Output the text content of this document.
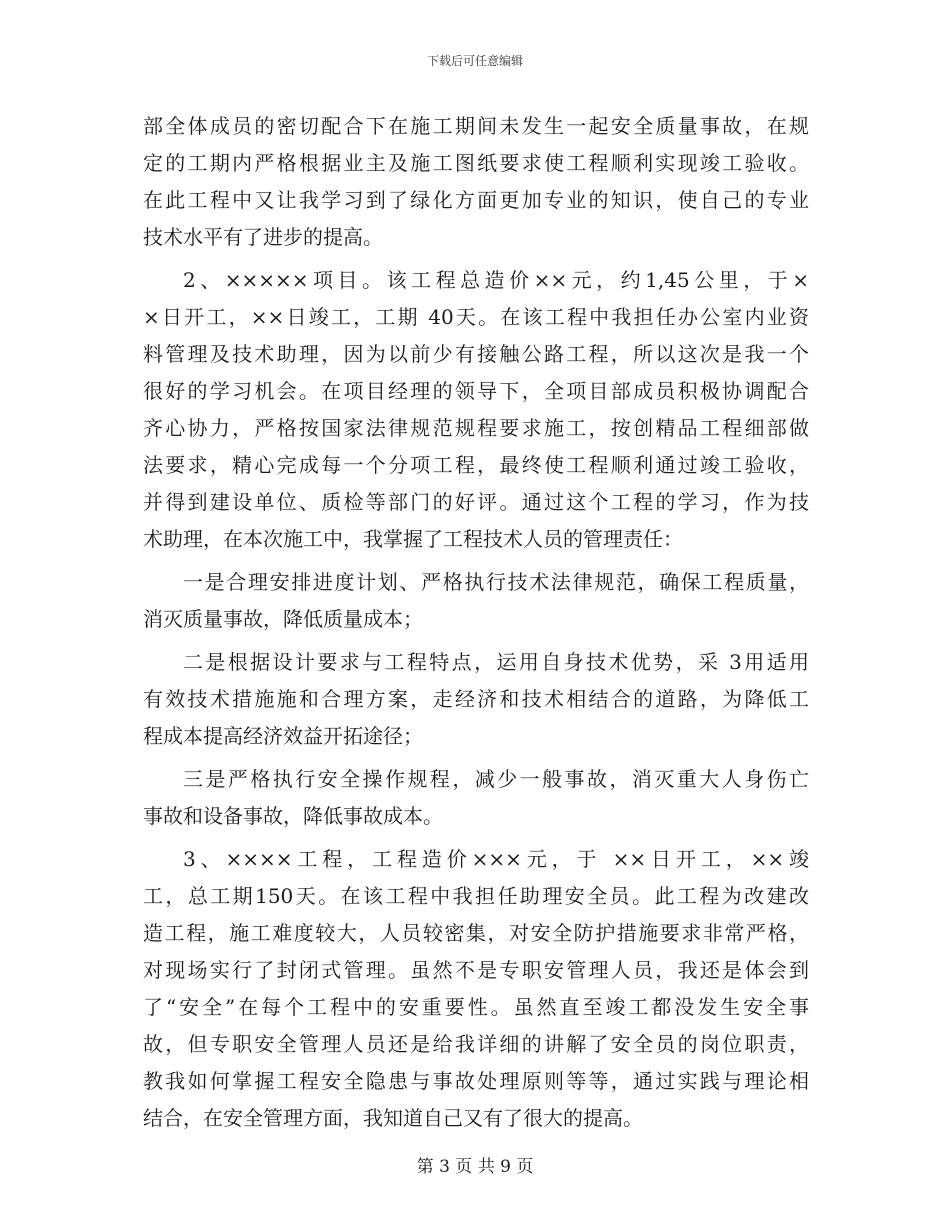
下载后可任意编辑
部全体成员的密切配合下在施工期间未发生一起安全质量事故，在规
定的工期内严格根据业主及施工图纸要求使工程顺利实现竣工验收。
在此工程中又让我学习到了绿化方面更加专业的知识，使自己的专业
技术水平有了进步的提高。
2、×××××项目。该工程总造价××元，约1,45公里，于×
×日开工，××日竣工，工期 40天。在该工程中我担任办公室内业资
料管理及技术助理，因为以前少有接触公路工程，所以这次是我一个
很好的学习机会。在项目经理的领导下，全项目部成员积极协调配合
齐心协力，严格按国家法律规范规程要求施工，按创精品工程细部做
法要求，精心完成每一个分项工程，最终使工程顺利通过竣工验收，
并得到建设单位、质检等部门的好评。通过这个工程的学习，作为技
术助理，在本次施工中，我掌握了工程技术人员的管理责任：
一是合理安排进度计划、严格执行技术法律规范，确保工程质量，
消灭质量事故，降低质量成本；
二是根据设计要求与工程特点，运用自身技术优势，采 3用适用
有效技术措施施和合理方案，走经济和技术相结合的道路，为降低工
程成本提高经济效益开拓途径；
三是严格执行安全操作规程，减少一般事故，消灭重大人身伤亡
事故和设备事故，降低事故成本。
3、××××工程，工程造价×××元，于 ××日开工，××竣
工，总工期150天。在该工程中我担任助理安全员。此工程为改建改
造工程，施工难度较大，人员较密集，对安全防护措施要求非常严格，
对现场实行了封闭式管理。虽然不是专职安管理人员，我还是体会到
了“安全”在每个工程中的安重要性。虽然直至竣工都没发生安全事
故，但专职安全管理人员还是给我详细的讲解了安全员的岗位职责，
教我如何掌握工程安全隐患与事故处理原则等等，通过实践与理论相
结合，在安全管理方面，我知道自己又有了很大的提高。
第 3 页 共 9 页
